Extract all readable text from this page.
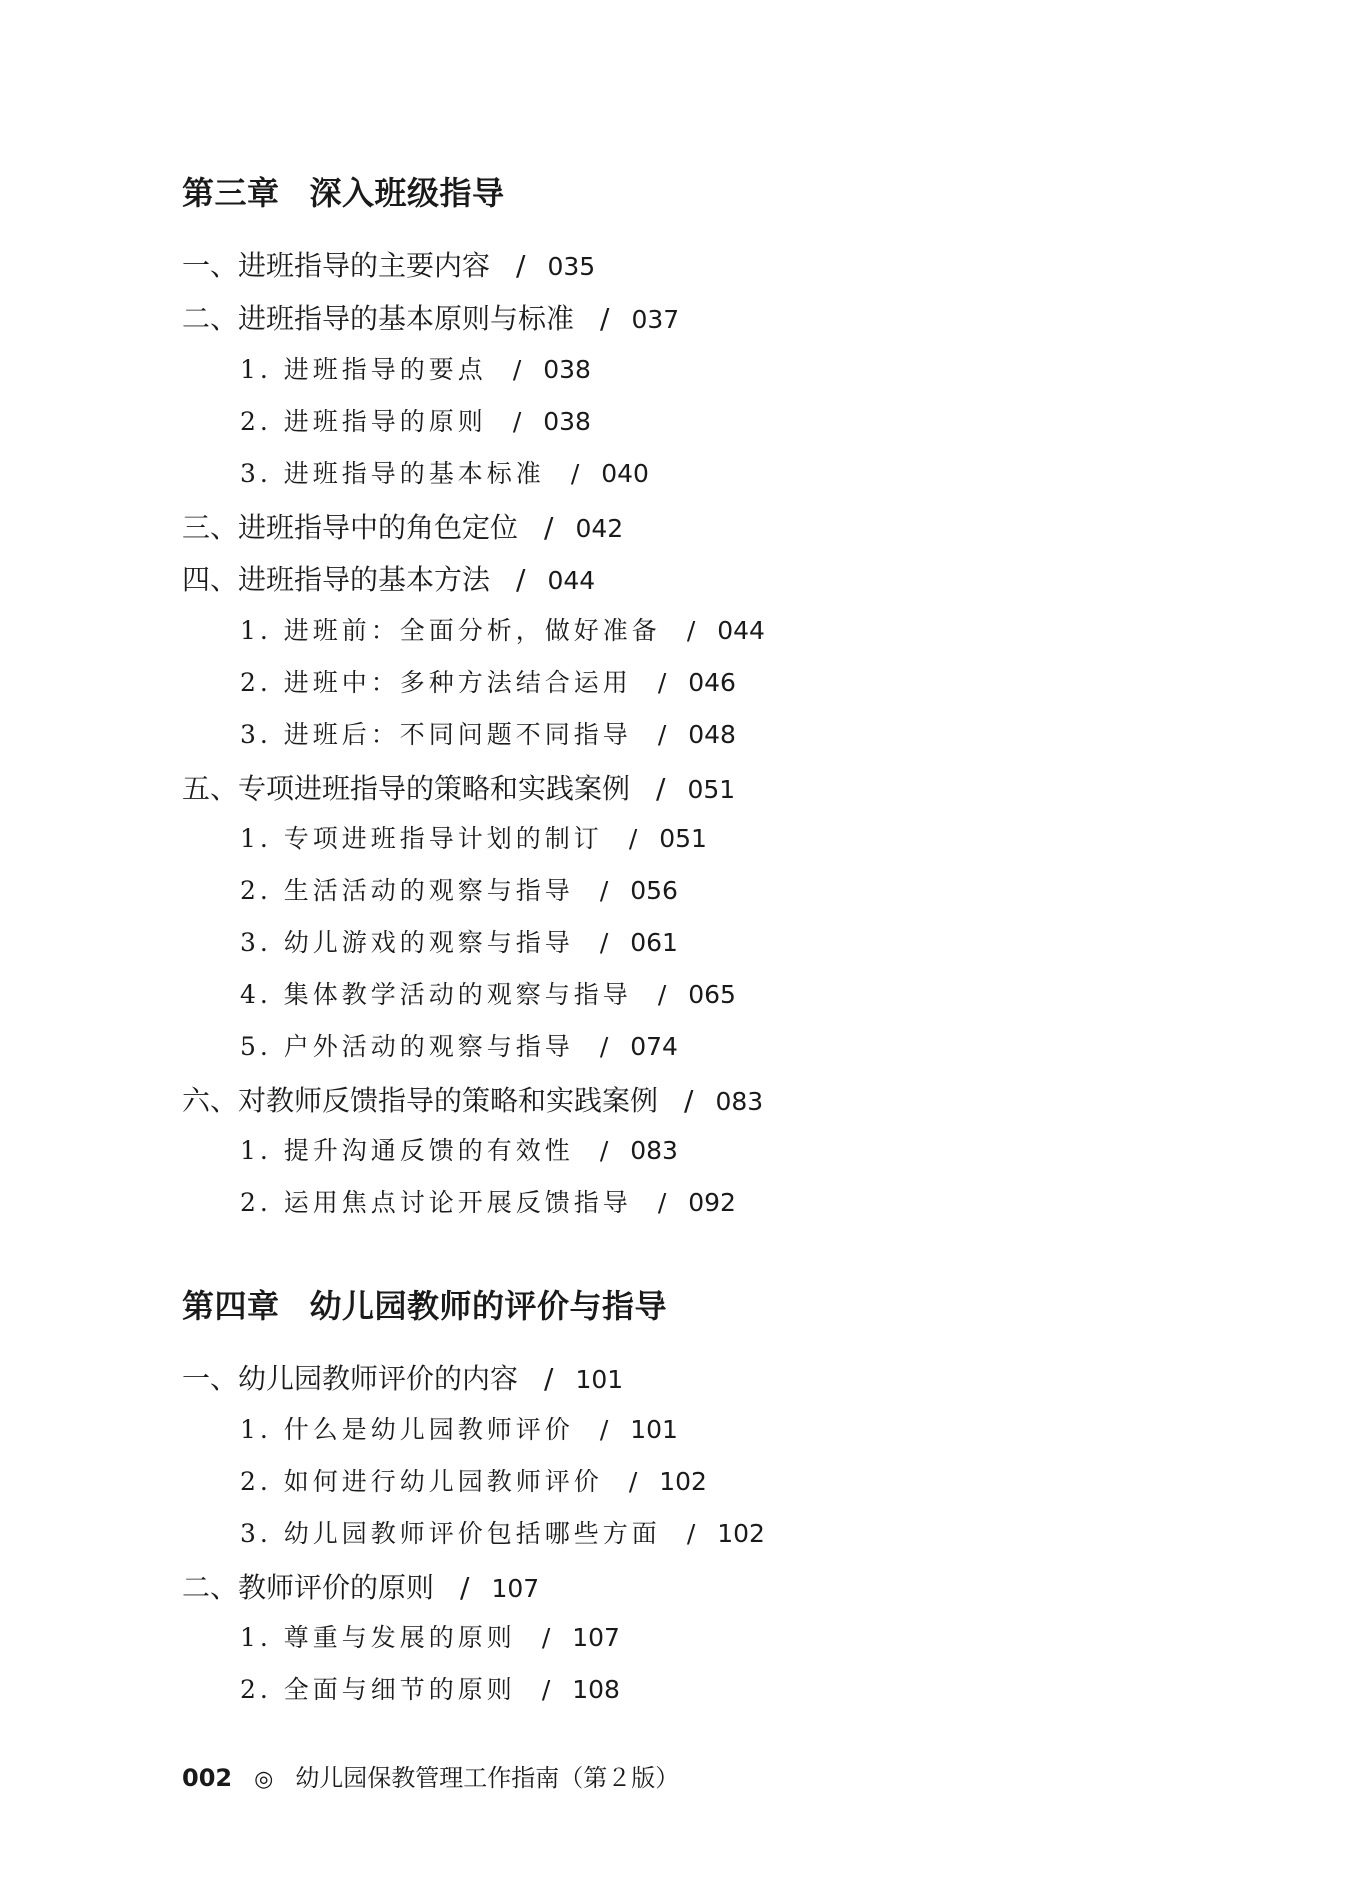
第三章 深入班级指导
一、进班指导的主要内容 / 035
二、进班指导的基本原则与标准 / 037
1. 进班指导的要点 / 038
2. 进班指导的原则 / 038
3. 进班指导的基本标准 / 040
三、进班指导中的角色定位 / 042
四、进班指导的基本方法 / 044
1. 进班前：全面分析，做好准备 / 044
2. 进班中：多种方法结合运用 / 046
3. 进班后：不同问题不同指导 / 048
五、专项进班指导的策略和实践案例 / 051
1. 专项进班指导计划的制订 / 051
2. 生活活动的观察与指导 / 056
3. 幼儿游戏的观察与指导 / 061
4. 集体教学活动的观察与指导 / 065
5. 户外活动的观察与指导 / 074
六、对教师反馈指导的策略和实践案例 / 083
1. 提升沟通反馈的有效性 / 083
2. 运用焦点讨论开展反馈指导 / 092
第四章 幼儿园教师的评价与指导
一、幼儿园教师评价的内容 / 101
1. 什么是幼儿园教师评价 / 101
2. 如何进行幼儿园教师评价 / 102
3. 幼儿园教师评价包括哪些方面 / 102
二、教师评价的原则 / 107
1. 尊重与发展的原则 / 107
2. 全面与细节的原则 / 108
002 ◎ 幼儿园保教管理工作指南（第２版）
